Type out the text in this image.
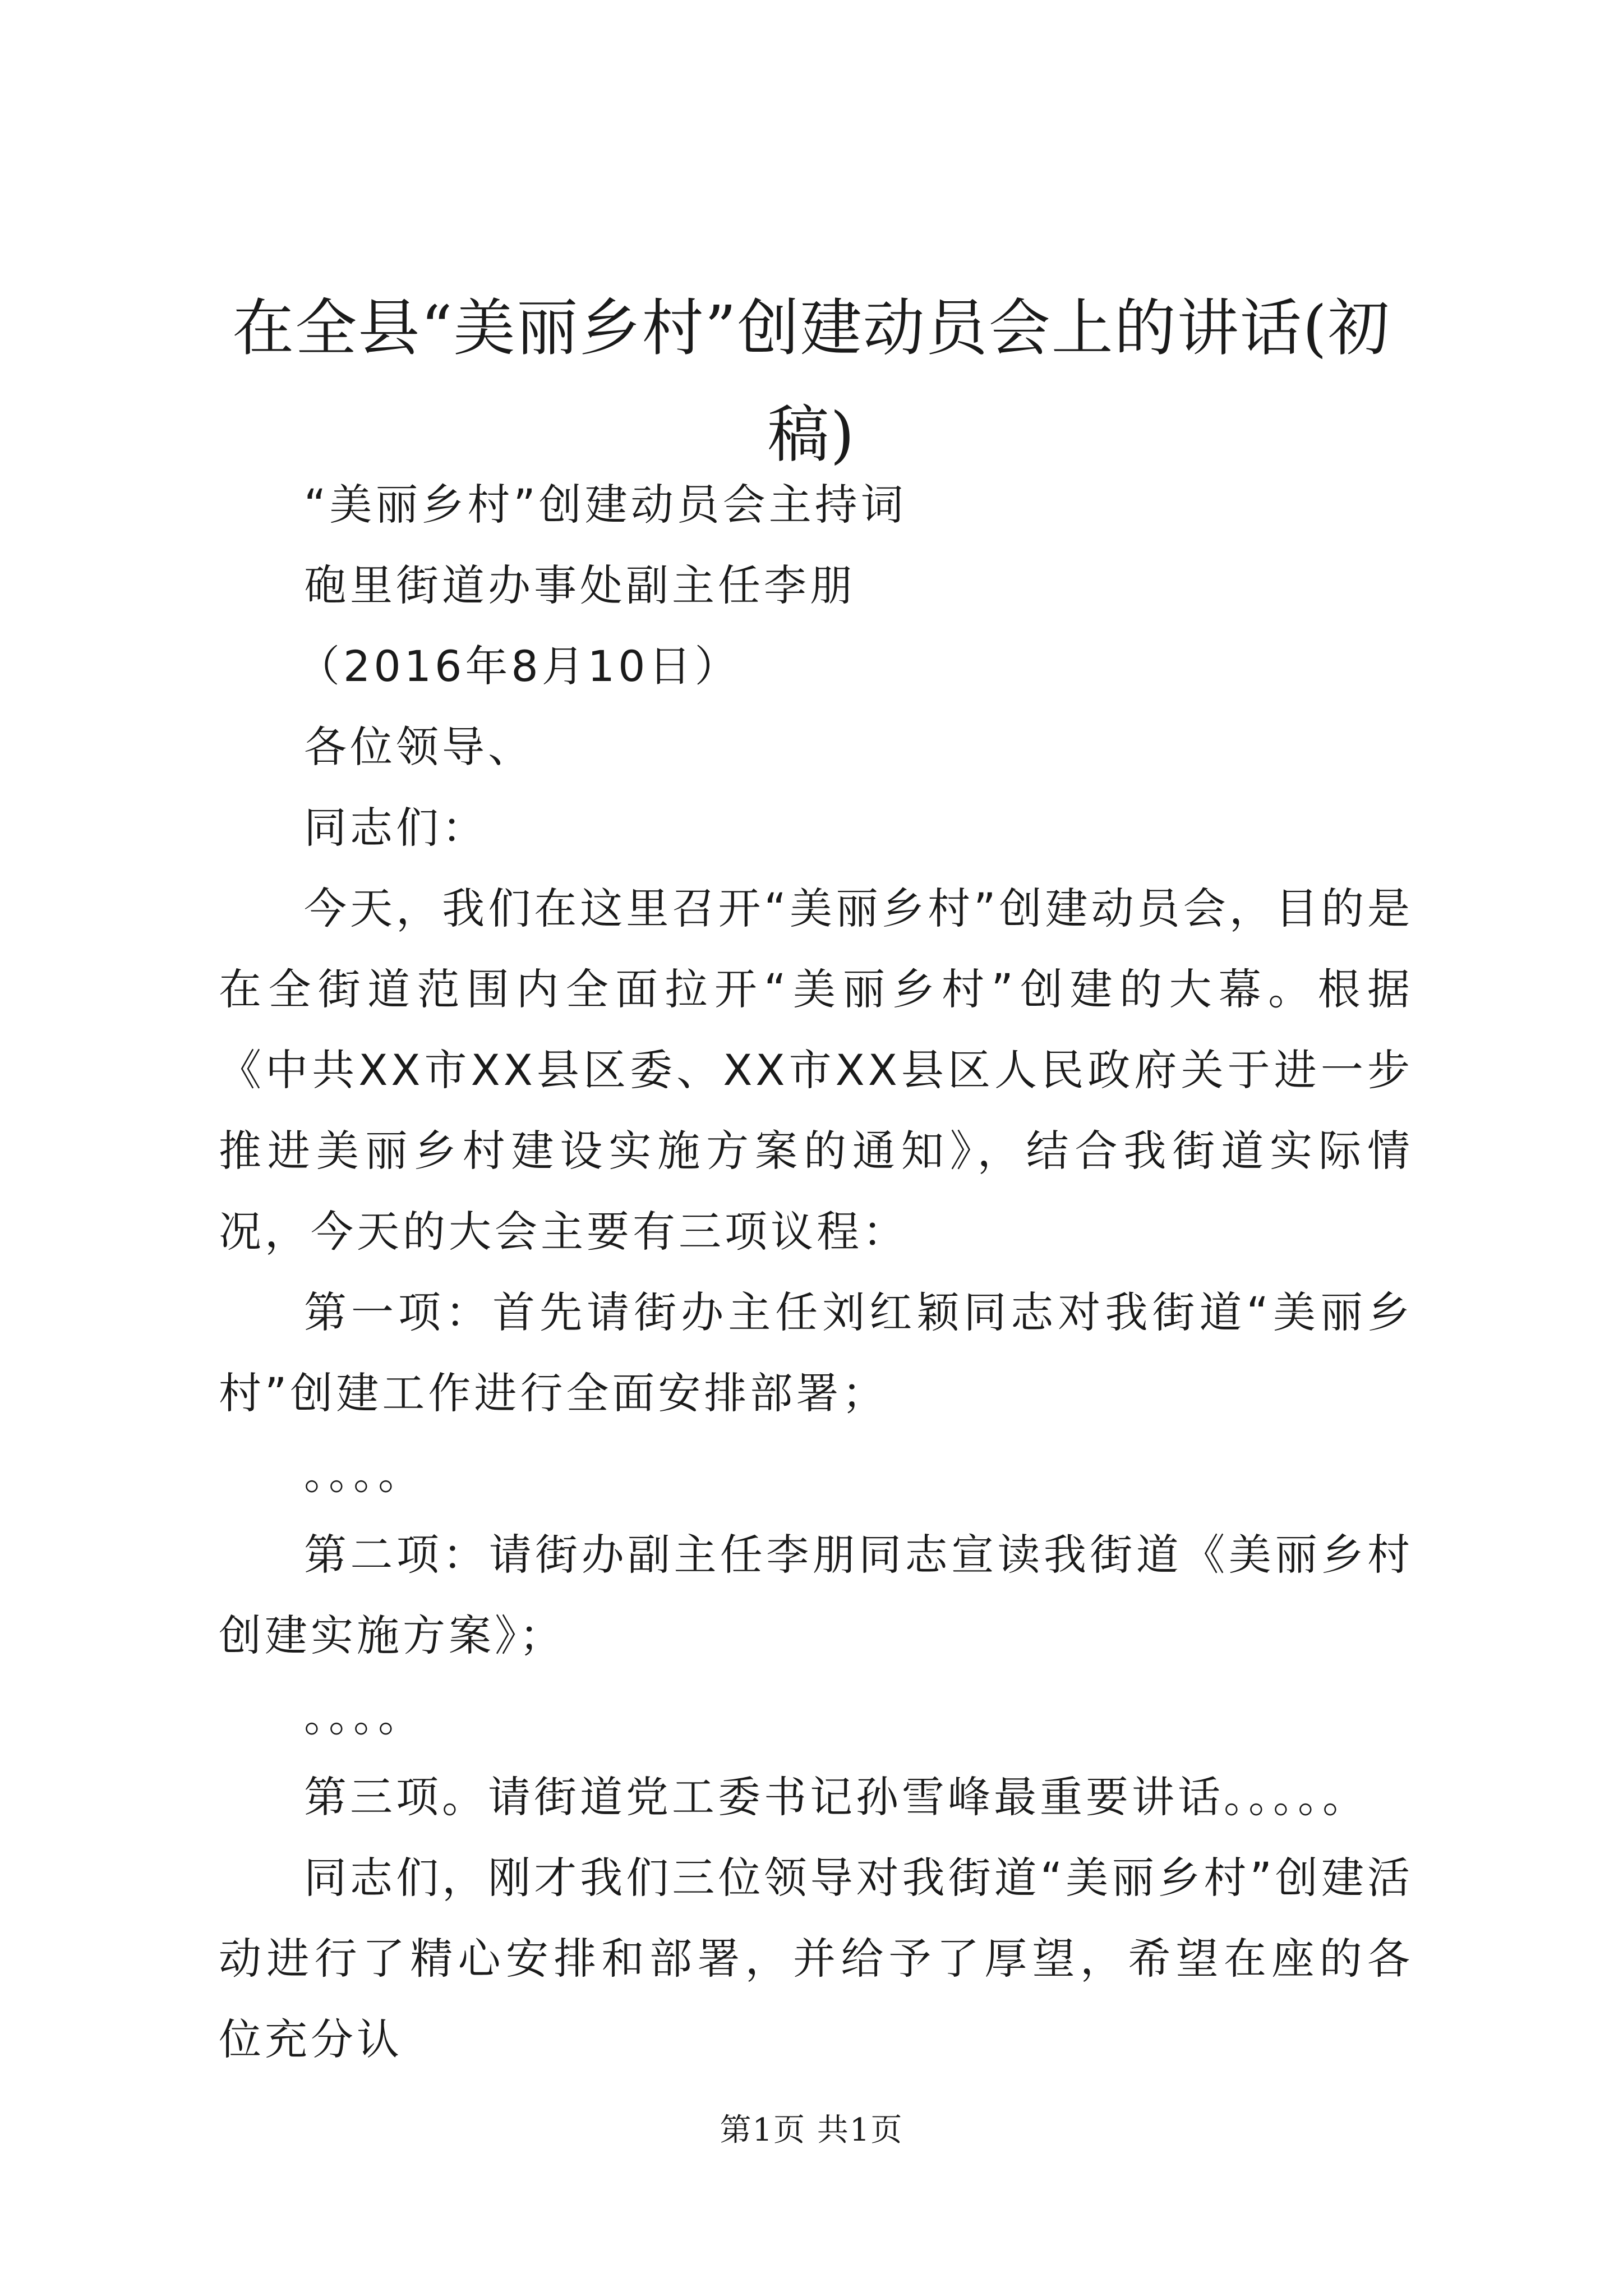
在全县“美丽乡村”创建动员会上的讲话(初稿)

“美丽乡村”创建动员会主持词

砲里街道办事处副主任李朋

（2016年8月10日）

各位领导、

同志们：

今天，我们在这里召开“美丽乡村”创建动员会，目的是在全街道范围内全面拉开“美丽乡村”创建的大幕。根据《中共XX市XX县区委、XX市XX县区人民政府关于进一步推进美丽乡村建设实施方案的通知》，结合我街道实际情况，今天的大会主要有三项议程：

第一项：首先请街办主任刘红颖同志对我街道“美丽乡村”创建工作进行全面安排部署；

。。。。

第二项：请街办副主任李朋同志宣读我街道《美丽乡村创建实施方案》；

。。。。

第三项。请街道党工委书记孙雪峰最重要讲话。。。。。

同志们，刚才我们三位领导对我街道“美丽乡村”创建活动进行了精心安排和部署，并给予了厚望，希望在座的各位充分认

第1页 共1页
